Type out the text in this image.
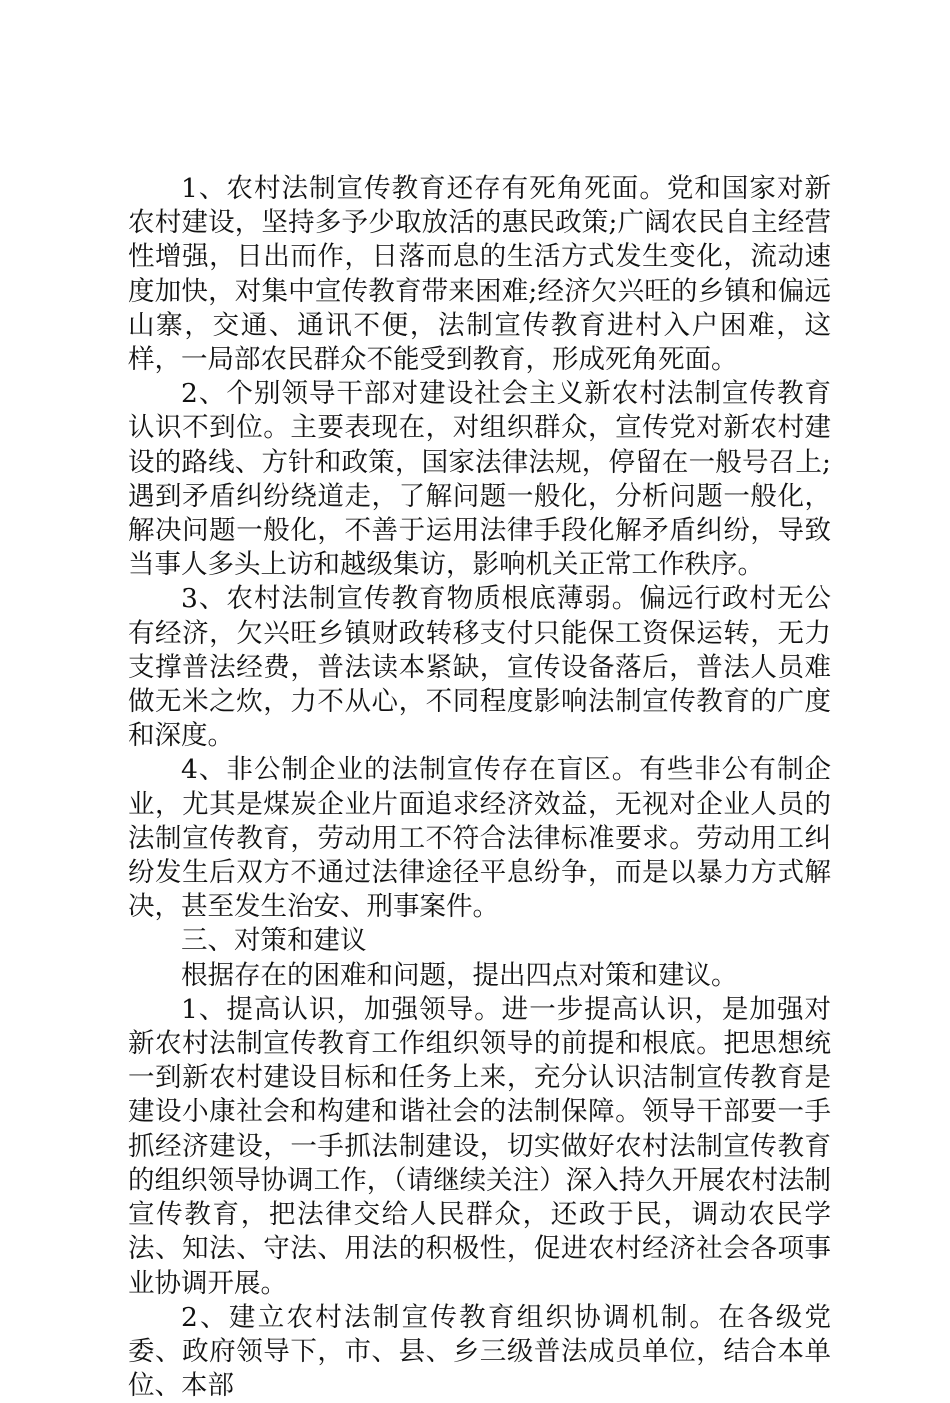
1、农村法制宣传教育还存有死角死面。党和国家对新农村建设，坚持多予少取放活的惠民政策;广阔农民自主经营性增强，日出而作，日落而息的生活方式发生变化，流动速度加快，对集中宣传教育带来困难;经济欠兴旺的乡镇和偏远山寨，交通、通讯不便，法制宣传教育进村入户困难，这样，一局部农民群众不能受到教育，形成死角死面。

2、个别领导干部对建设社会主义新农村法制宣传教育认识不到位。主要表现在，对组织群众，宣传党对新农村建设的路线、方针和政策，国家法律法规，停留在一般号召上;遇到矛盾纠纷绕道走，了解问题一般化，分析问题一般化，解决问题一般化，不善于运用法律手段化解矛盾纠纷，导致当事人多头上访和越级集访，影响机关正常工作秩序。

3、农村法制宣传教育物质根底薄弱。偏远行政村无公有经济，欠兴旺乡镇财政转移支付只能保工资保运转，无力支撑普法经费，普法读本紧缺，宣传设备落后，普法人员难做无米之炊，力不从心，不同程度影响法制宣传教育的广度和深度。

4、非公制企业的法制宣传存在盲区。有些非公有制企业，尤其是煤炭企业片面追求经济效益，无视对企业人员的法制宣传教育，劳动用工不符合法律标准要求。劳动用工纠纷发生后双方不通过法律途径平息纷争，而是以暴力方式解决，甚至发生治安、刑事案件。

三、对策和建议

根据存在的困难和问题，提出四点对策和建议。

1、提高认识，加强领导。进一步提高认识，是加强对新农村法制宣传教育工作组织领导的前提和根底。把思想统一到新农村建设目标和任务上来，充分认识洁制宣传教育是建设小康社会和构建和谐社会的法制保障。领导干部要一手抓经济建设，一手抓法制建设，切实做好农村法制宣传教育的组织领导协调工作，（请继续关注）深入持久开展农村法制宣传教育，把法律交给人民群众，还政于民，调动农民学法、知法、守法、用法的积极性，促进农村经济社会各项事业协调开展。

2、建立农村法制宣传教育组织协调机制。在各级党委、政府领导下，市、县、乡三级普法成员单位，结合本单位、本部
